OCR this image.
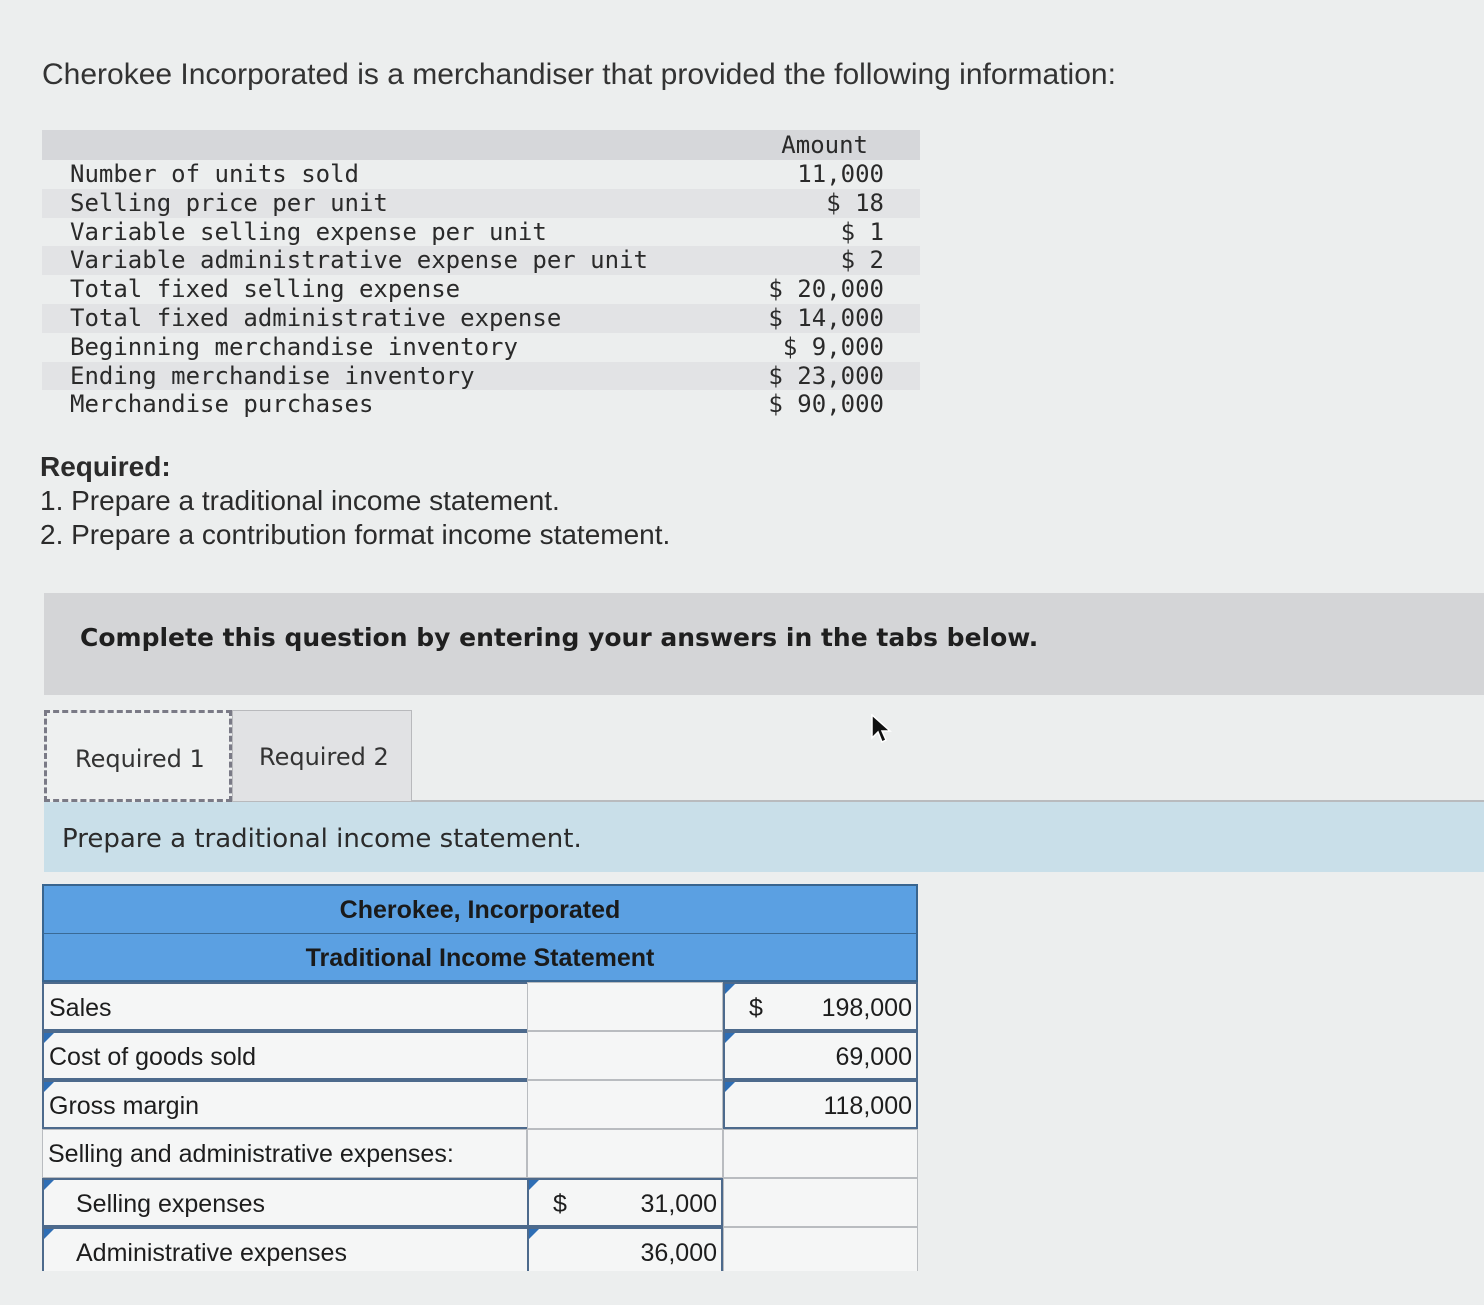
Cherokee Incorporated is a merchandiser that provided the following information:
Amount
Number of units sold	11,000
Selling price per unit	$ 18
Variable selling expense per unit	$ 1
Variable administrative expense per unit	$ 2
Total fixed selling expense	$ 20,000
Total fixed administrative expense	$ 14,000
Beginning merchandise inventory	$ 9,000
Ending merchandise inventory	$ 23,000
Merchandise purchases	$ 90,000
Required:
1. Prepare a traditional income statement.
2. Prepare a contribution format income statement.
Complete this question by entering your answers in the tabs below.
Required 1 Required 2
Prepare a traditional income statement.
Cherokee, Incorporated
Traditional Income Statement
Sales	$ 198,000
Cost of goods sold	69,000
Gross margin	118,000
Selling and administrative expenses:
Selling expenses	$	31,000
Administrative expenses	36,000
